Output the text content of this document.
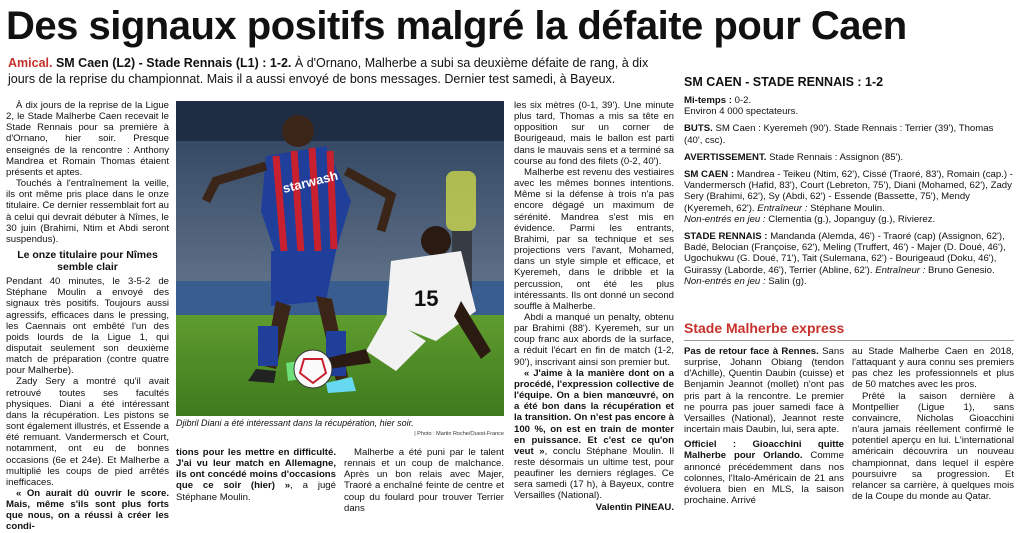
Des signaux positifs malgré la défaite pour Caen
Amical. SM Caen (L2) - Stade Rennais (L1) : 1-2. À d'Ornano, Malherbe a subi sa deuxième défaite de rang, à dix jours de la reprise du championnat. Mais il a aussi envoyé de bons messages. Dernier test samedi, à Bayeux.

À dix jours de la reprise de la Ligue 2, le Stade Malherbe Caen recevait le Stade Rennais pour sa première à d'Ornano, hier soir. Presque enseignés de la rencontre : Anthony Mandrea et Romain Thomas étaient présents et aptes.

Touchés à l'entraînement la veille, ils ont même pris place dans le onze titulaire. Ce dernier ressemblait fort au à celui qui devrait débuter à Nîmes, le 30 juin (Brahimi, Ntim et Abdi seront suspendus).

Le onze titulaire pour Nîmes semble clair

Pendant 40 minutes, le 3-5-2 de Stéphane Moulin a envoyé des signaux très positifs. Toujours aussi agressifs, efficaces dans le pressing, les Caennais ont embêté l'un des poids lourds de la Ligue 1, qui disputait seulement son deuxième match de préparation (contre quatre pour Malherbe).

Zady Sery a montré qu'il avait retrouvé toutes ses facultés physiques. Diani a été intéressant dans la récupération. Les pistons se sont également illustrés, et Essende a été remuant. Vandermersch et Court, notamment, ont eu de bonnes occasions (6e et 24e). Et Malherbe a multiplié les coups de pied arrêtés inefficaces.

« On aurait dû ouvrir le score. Mais, même s'ils sont plus forts que nous, on a réussi à créer les condi-

starwash
15
Djibril Diani a été intéressant dans la récupération, hier soir.
| Photo : Martin Roche/Ouest-France

tions pour les mettre en difficulté. J'ai vu leur match en Allemagne, ils ont concédé moins d'occasions que ce soir (hier) », a jugé Stéphane Moulin.

Malherbe a été puni par le talent rennais et un coup de malchance. Après un bon relais avec Majer, Traoré a enchaîné feinte de centre et coup du foulard pour trouver Terrier dans

les six mètres (0-1, 39'). Une minute plus tard, Thomas a mis sa tête en opposition sur un corner de Bourigeaud, mais le ballon est parti dans le mauvais sens et a terminé sa course au fond des filets (0-2, 40').

Malherbe est revenu des vestiaires avec les mêmes bonnes intentions. Même si la défense à trois n'a pas encore dégagé un maximum de sérénité. Mandrea s'est mis en évidence. Parmi les entrants, Brahimi, par sa technique et ses projections vers l'avant, Mohamed, dans un style simple et efficace, et Kyeremeh, dans le dribble et la percussion, ont été les plus intéressants. Ils ont donné un second souffle à Malherbe.

Abdi a manqué un penalty, obtenu par Brahimi (88'). Kyeremeh, sur un coup franc aux abords de la surface, a réduit l'écart en fin de match (1-2, 90'), inscrivant ainsi son premier but.

« J'aime à la manière dont on a procédé, l'expression collective de l'équipe. On a bien manœuvré, on a été bon dans la récupération et la transition. On n'est pas encore à 100 %, on est en train de monter en puissance. Et c'est ce qu'on veut », conclu Stéphane Moulin. Il reste désormais un ultime test, pour peaufiner les derniers réglages. Ce sera samedi (17 h), à Bayeux, contre Versailles (National).

Valentin PINEAU.

SM CAEN - STADE RENNAIS : 1-2

Mi-temps : 0-2.
Environ 4 000 spectateurs.

BUTS. SM Caen : Kyeremeh (90'). Stade Rennais : Terrier (39'), Thomas (40', csc).

AVERTISSEMENT. Stade Rennais : Assignon (85').

SM CAEN : Mandrea - Teikeu (Ntim, 62'), Cissé (Traoré, 83'), Romain (cap.) - Vandermersch (Hafid, 83'), Court (Lebreton, 75'), Diani (Mohamed, 62'), Zady Sery (Brahimi, 62'), Sy (Abdi, 62') - Essende (Bassette, 75'), Mendy (Kyeremeh, 62'). Entraîneur : Stéphane Moulin.
Non-entrés en jeu : Clementia (g.), Jopanguy (g.), Rivierez.

STADE RENNAIS : Mandanda (Alemda, 46') - Traoré (cap) (Assignon, 62'), Badé, Belocian (Françoise, 62'), Meling (Truffert, 46') - Majer (D. Doué, 46'), Ugochukwu (G. Doué, 71'), Tait (Sulemana, 62') - Bourigeaud (Doku, 46'), Guirassy (Laborde, 46'), Terrier (Abline, 62'). Entraîneur : Bruno Genesio.
Non-entrés en jeu : Salin (g).

Stade Malherbe express

Pas de retour face à Rennes. Sans surprise, Johann Obiang (tendon d'Achille), Quentin Daubin (cuisse) et Benjamin Jeannot (mollet) n'ont pas pris part à la rencontre. Le premier ne pourra pas jouer samedi face à Versailles (National), Jeannot reste incertain mais Daubin, lui, sera apte.

Officiel : Gioacchini quitte Malherbe pour Orlando. Comme annoncé précédemment dans nos colonnes, l'Italo-Américain de 21 ans évoluera bien en MLS, la saison prochaine. Arrivé

au Stade Malherbe Caen en 2018, l'attaquant y aura connu ses premiers pas chez les professionnels et plus de 50 matches avec les pros.

Prêté la saison dernière à Montpellier (Ligue 1), sans convaincre, Nicholas Gioacchini n'aura jamais réellement confirmé le potentiel aperçu en lui. L'international américain découvrira un nouveau championnat, dans lequel il espère poursuivre sa progression. Et relancer sa carrière, à quelques mois de la Coupe du monde au Qatar.
